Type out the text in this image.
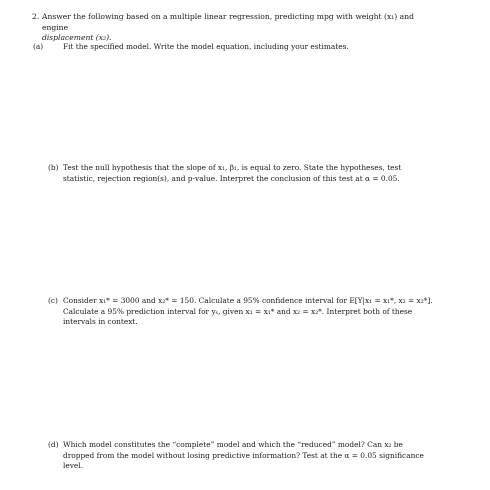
2. Answer the following based on a multiple linear regression, predicting mpg with weight (x₁) and engine
displacement (x₂).
(a)	Fit the specified model. Write the model equation, including your estimates.
(b) Test the null hypothesis that the slope of x₁, β₁, is equal to zero. State the hypotheses, test
statistic, rejection region(s), and p-value. Interpret the conclusion of this test at α = 0.05.
(c) Consider x₁* = 3000 and x₂* = 150. Calculate a 95% confidence interval for E[Y|x₁ = x₁*, x₂ = x₂*].
Calculate a 95% prediction interval for yₛ, given x₁ = x₁* and x₂ = x₂*. Interpret both of these
intervals in context.
(d) Which model constitutes the “complete” model and which the “reduced” model? Can x₂ be
dropped from the model without losing predictive information? Test at the α = 0.05 significance
level.
